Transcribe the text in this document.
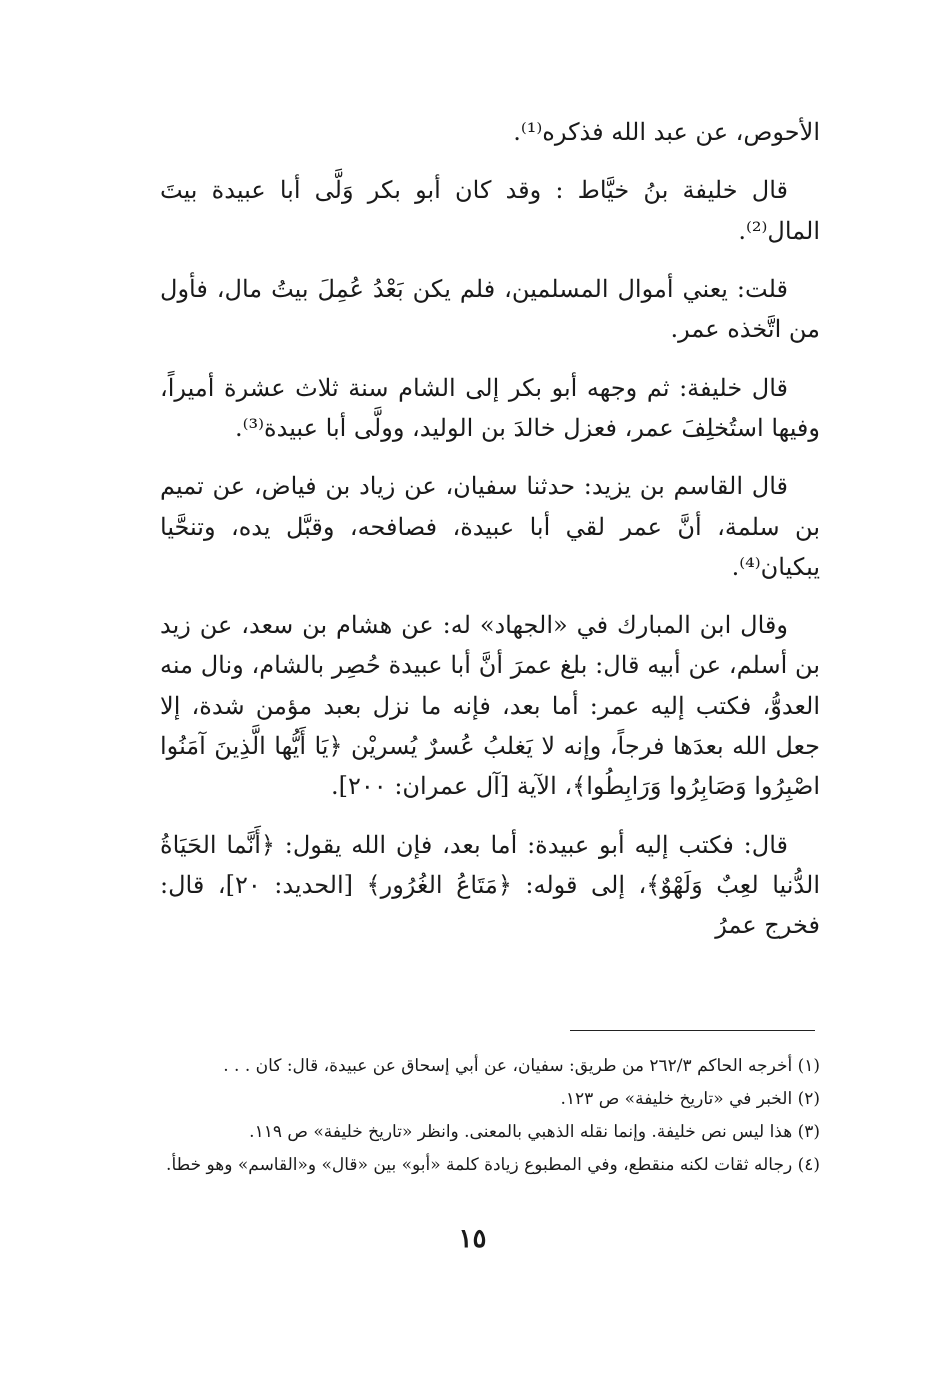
الأحوص، عن عبد الله فذكره⁽¹⁾.

قال خليفة بنُ خيَّاط : وقد كان أبو بكر وَلَّى أبا عبيدة بيتَ المال⁽²⁾.

قلت: يعني أموال المسلمين، فلم يكن بَعْدُ عُمِلَ بيتُ مال، فأول من اتَّخذه عمر.

قال خليفة: ثم وجهه أبو بكر إلى الشام سنة ثلاث عشرة أميراً، وفيها استُخلِفَ عمر، فعزل خالدَ بن الوليد، وولَّى أبا عبيدة⁽³⁾.

قال القاسم بن يزيد: حدثنا سفيان، عن زياد بن فياض، عن تميم بن سلمة، أنَّ عمر لقي أبا عبيدة، فصافحه، وقبَّل يده، وتنحَّيا يبكيان⁽⁴⁾.

وقال ابن المبارك في «الجهاد» له: عن هشام بن سعد، عن زيد بن أسلم، عن أبيه قال: بلغ عمرَ أنَّ أبا عبيدة حُصِر بالشام، ونال منه العدوُّ، فكتب إليه عمر: أما بعد، فإنه ما نزل بعبد مؤمن شدة، إلا جعل الله بعدَها فرجاً، وإنه لا يَغلبُ عُسرٌ يُسريْن ﴿يَا أَيُّها الَّذِينَ آمَنُوا اصْبِرُوا وَصَابِرُوا وَرَابِطُوا﴾، الآية [آل عمران: ٢٠٠].

قال: فكتب إليه أبو عبيدة: أما بعد، فإن الله يقول: ﴿أَنَّما الحَيَاةُ الدُّنيا لعِبٌ وَلَهْوٌ﴾، إلى قوله: ﴿مَتَاعُ الغُرُور﴾ [الحديد: ٢٠]، قال: فخرج عمرُ

(١) أخرجه الحاكم ٢٦٢/٣ من طريق: سفيان، عن أبي إسحاق عن عبيدة، قال: كان . . .

(٢) الخبر في «تاريخ خليفة» ص ١٢٣.

(٣) هذا ليس نص خليفة. وإنما نقله الذهبي بالمعنى. وانظر «تاريخ خليفة» ص ١١٩.

(٤) رجاله ثقات لكنه منقطع، وفي المطبوع زيادة كلمة «أبو» بين «قال» و«القاسم» وهو خطأ.

١٥
